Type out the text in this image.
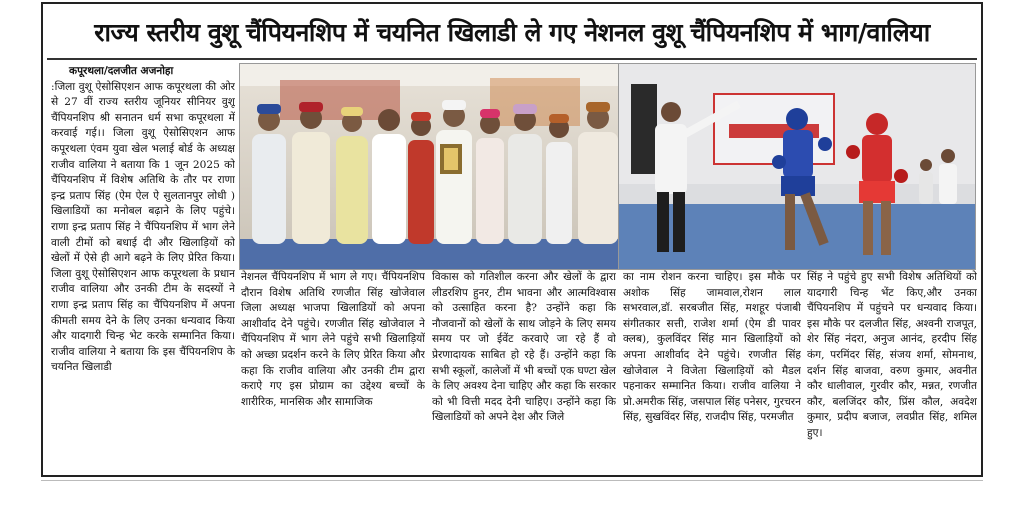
राज्य स्तरीय वुशू चैंपियनशिप में चयनित खिलाडी ले गए नेशनल वुशू चैंपियनशिप में भाग/वालिया

कपूरथला/दलजीत अजनोहा

:जिला वुशू ऐसोसिएशन आफ कपूरथला की ओर से 27 वीं राज्य स्तरीय जूनियर सीनियर वुशू चैंपियनशिप श्री सनातन धर्म सभा कपूरथला में करवाई गई।। जिला वुशू ऐसोसिएशन आफ कपूरथला एंवम युवा खेल भलाई बोर्ड के अध्यक्ष राजीव वालिया ने बताया कि 1 जून 2025 को चैंपियनशिप में विशेष अतिथि के तौर पर राणा इन्द्र प्रताप सिंह (ऐम ऐल ऐ सुलतानपुर लोधी ) खिलाडियों का मनोबल बढ़ाने के लिए पहुंचे। राणा इन्द्र प्रताप सिंह ने चैंपियनशिप में भाग लेने वाली टीमों को बधाई दी और खिलाड़ियों को खेलों में ऐसे ही आगे बढ़ने के लिए प्रेरित किया। जिला वुशू ऐसोसिएशन आफ कपूरथला के प्रधान राजीव वालिया और उनकी टीम के सदस्यों ने राणा इन्द्र प्रताप सिंह का चैंपियनशिप में अपना कीमती समय देने के लिए उनका धन्यवाद किया और यादगारी चिन्ह भेट करके सम्मानित किया।राजीव वालिया ने बताया कि इस चैंपियनशिप के चयनित खिलाडी

नेशनल चैंपियनशिप में भाग ले गए। चैंपियनशिप दौरान विशेष अतिथि रणजीत सिंह खोजेवाल जिला अध्यक्ष भाजपा खिलाडियों को अपना आशीर्वाद देने पहुंचे। रणजीत सिंह खोजेवाल ने चैंपियनशिप में भाग लेने पहुंचे सभी खिलाड़ियों को अच्छा प्रदर्शन करने के लिए प्रेरित किया और कहा कि राजीव वालिया और उनकी टीम द्वारा कराऐ गए इस प्रोग्राम का उद्देश्य बच्चों के शारीरिक, मानसिक और सामाजिक

विकास को गतिशील करना और खेलों के द्वारा लीडरशिप हुनर, टीम भावना और आत्मविश्वास को उत्साहित करना है? उन्होंने कहा कि नौजवानों को खेलों के साथ जोड़ने के लिए समय समय पर जो ईवेंट करवाऐ जा रहे हैं वो प्रेरणादायक साबित हो रहे हैं। उन्होंने कहा कि सभी स्कूलों, कालेजों में भी बच्चों एक घण्टा खेल के लिए अवश्य देना चाहिए और कहा कि सरकार को भी वित्ती मदद देनी चाहिए। उन्होंने कहा कि खिलाडियों को अपने देश और जिले

का नाम रोशन करना चाहिए। इस मौके पर अशोक सिंह जामवाल,रोशन लाल सभरवाल,डॉ. सरबजीत सिंह, मशहूर पंजाबी संगीतकार सत्ती, राजेश शर्मा (ऐम डी पावर क्लब), कुलविंदर सिंह मान खिलाड़ियों को अपना आशीर्वाद देने पहुंचे। रणजीत सिंह खोजेवाल ने विजेता खिलाड़ियों को मैडल पहनाकर सम्मानित किया। राजीव वालिया ने प्रो.अमरीक सिंह, जसपाल सिंह पनेसर, गुरचरन सिंह, सुखविंदर सिंह, राजदीप सिंह, परमजीत

सिंह ने पहुंचे हुए सभी विशेष अतिथियों को यादगारी चिन्ह भेंट किए,और उनका चैंपियनशिप में पहुंचने पर धन्यवाद किया। इस मौके पर दलजीत सिंह, अश्वनी राजपूत, शेर सिंह नंदरा, अनुज आनंद, हरदीप सिंह कंग, परमिंदर सिंह, संजय शर्मा, सोमनाथ, दर्शन सिंह बाजवा, वरुण कुमार, अवनीत कौर धालीवाल, गुरवीर कौर, मन्नत, रणजीत कौर, बलजिंदर कौर, प्रिंस कौल, अवदेश कुमार, प्रदीप बजाज, लवप्रीत सिंह, शमिल हुए।
